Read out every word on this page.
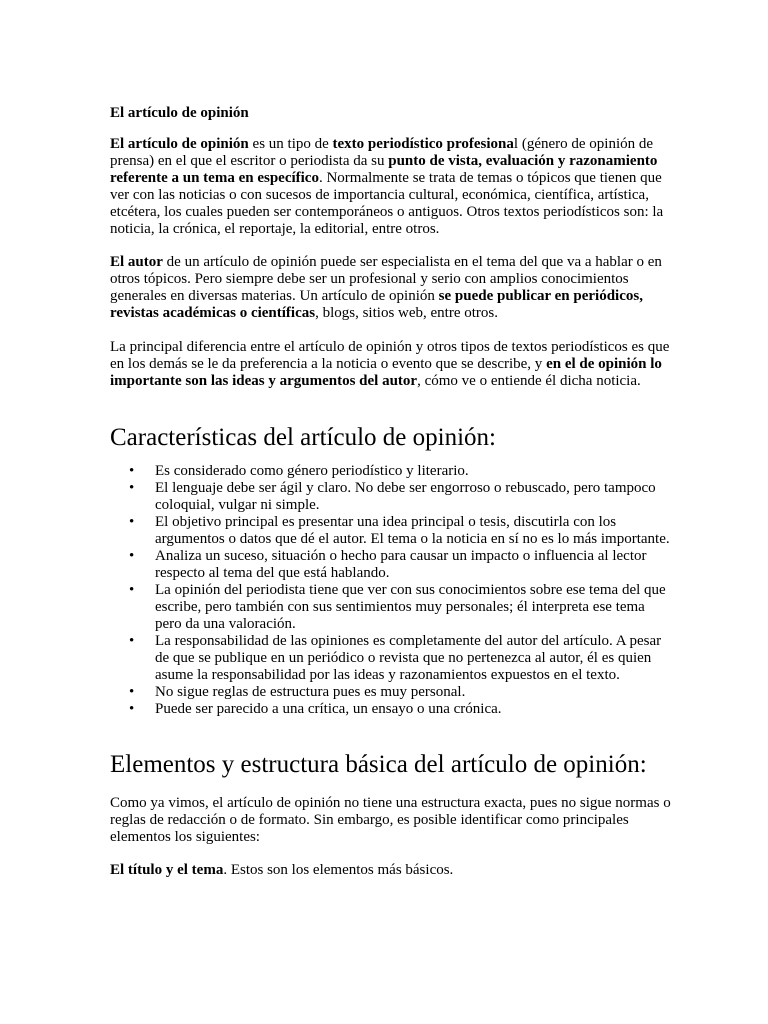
El artículo de opinión

El artículo de opinión es un tipo de texto periodístico profesional (género de opinión de prensa) en el que el escritor o periodista da su punto de vista, evaluación y razonamiento referente a un tema en específico. Normalmente se trata de temas o tópicos que tienen que ver con las noticias o con sucesos de importancia cultural, económica, científica, artística, etcétera, los cuales pueden ser contemporáneos o antiguos. Otros textos periodísticos son: la noticia, la crónica, el reportaje, la editorial, entre otros.

El autor de un artículo de opinión puede ser especialista en el tema del que va a hablar o en otros tópicos. Pero siempre debe ser un profesional y serio con amplios conocimientos generales en diversas materias. Un artículo de opinión se puede publicar en periódicos, revistas académicas o científicas, blogs, sitios web, entre otros.

La principal diferencia entre el artículo de opinión y otros tipos de textos periodísticos es que en los demás se le da preferencia a la noticia o evento que se describe, y en el de opinión lo importante son las ideas y argumentos del autor, cómo ve o entiende él dicha noticia.

Características del artículo de opinión:
• Es considerado como género periodístico y literario.
• El lenguaje debe ser ágil y claro. No debe ser engorroso o rebuscado, pero tampoco coloquial, vulgar ni simple.
• El objetivo principal es presentar una idea principal o tesis, discutirla con los argumentos o datos que dé el autor. El tema o la noticia en sí no es lo más importante.
• Analiza un suceso, situación o hecho para causar un impacto o influencia al lector respecto al tema del que está hablando.
• La opinión del periodista tiene que ver con sus conocimientos sobre ese tema del que escribe, pero también con sus sentimientos muy personales; él interpreta ese tema pero da una valoración.
• La responsabilidad de las opiniones es completamente del autor del artículo. A pesar de que se publique en un periódico o revista que no pertenezca al autor, él es quien asume la responsabilidad por las ideas y razonamientos expuestos en el texto.
• No sigue reglas de estructura pues es muy personal.
• Puede ser parecido a una crítica, un ensayo o una crónica.
Elementos y estructura básica del artículo de opinión:

Como ya vimos, el artículo de opinión no tiene una estructura exacta, pues no sigue normas o reglas de redacción o de formato. Sin embargo, es posible identificar como principales elementos los siguientes:

El título y el tema. Estos son los elementos más básicos.
